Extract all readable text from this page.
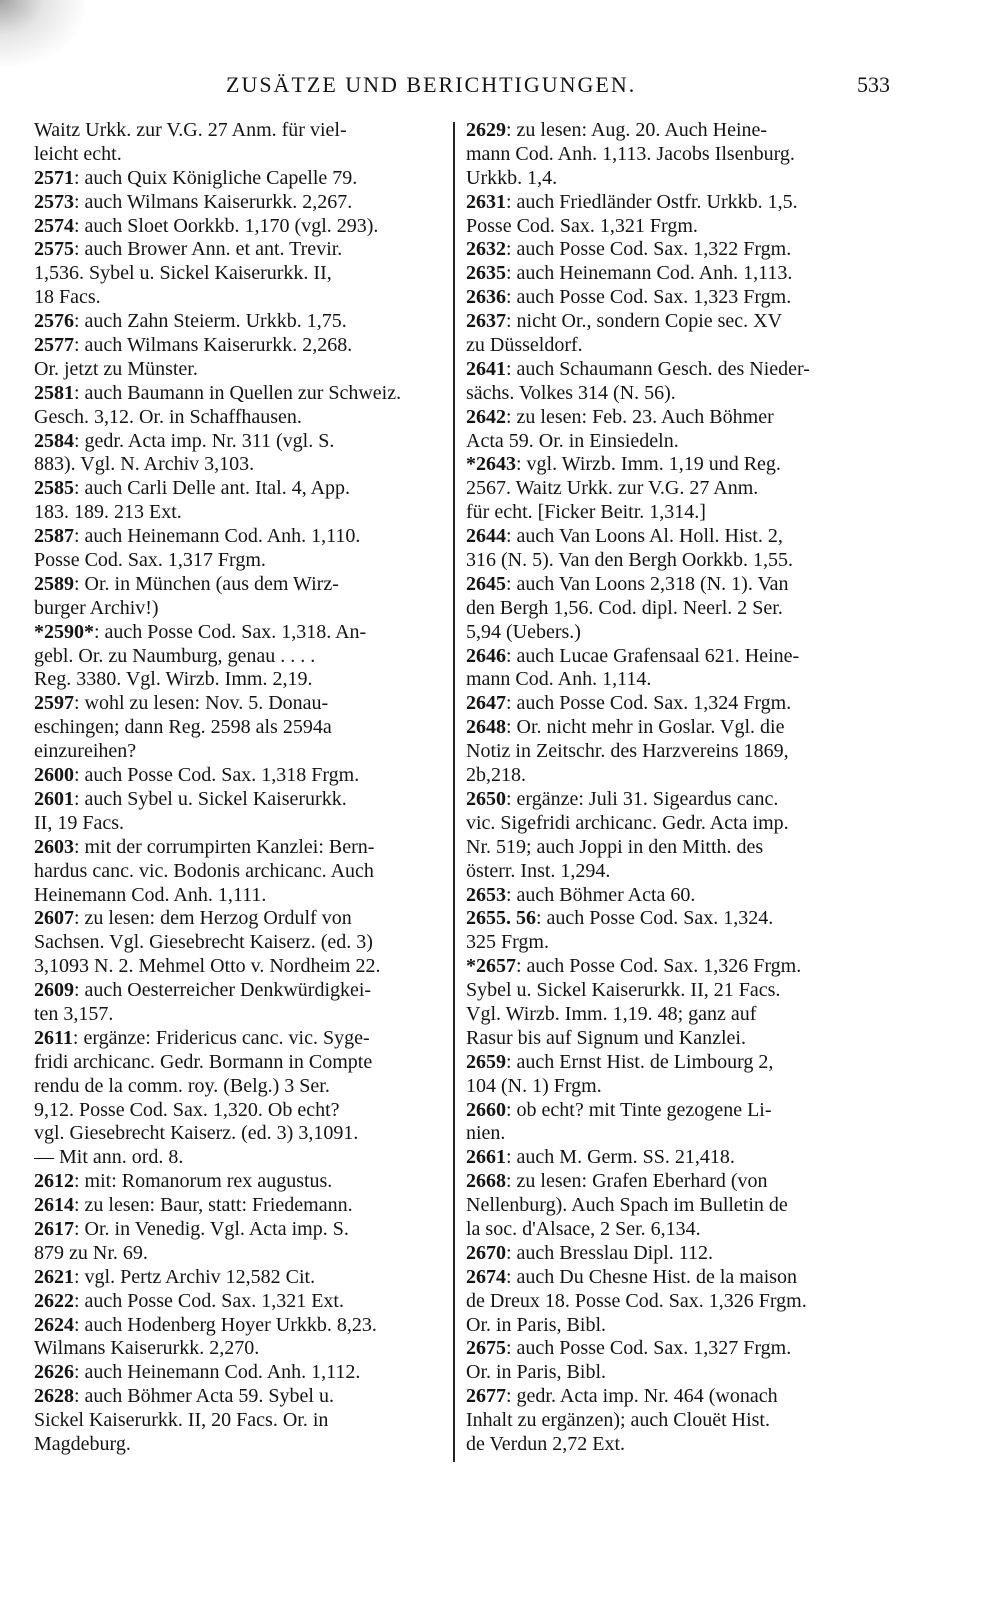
ZUSÄTZE UND BERICHTIGUNGEN.	533
Waitz Urkk. zur V.G. 27 Anm. für viel-
leicht echt.
2571: auch Quix Königliche Capelle 79.
2573: auch Wilmans Kaiserurkk. 2,267.
2574: auch Sloet Oorkkb. 1,170 (vgl. 293).
2575: auch Brower Ann. et ant. Trevir.
1,536. Sybel u. Sickel Kaiserurkk. II,
18 Facs.
2576: auch Zahn Steierm. Urkkb. 1,75.
2577: auch Wilmans Kaiserurkk. 2,268.
Or. jetzt zu Münster.
2581: auch Baumann in Quellen zur Schweiz.
Gesch. 3,12. Or. in Schaffhausen.
2584: gedr. Acta imp. Nr. 311 (vgl. S.
883). Vgl. N. Archiv 3,103.
2585: auch Carli Delle ant. Ital. 4, App.
183. 189. 213 Ext.
2587: auch Heinemann Cod. Anh. 1,110.
Posse Cod. Sax. 1,317 Frgm.
2589: Or. in München (aus dem Wirz-
burger Archiv!)
*2590*: auch Posse Cod. Sax. 1,318. An-
gebl. Or. zu Naumburg, genau . . . .
Reg. 3380. Vgl. Wirzb. Imm. 2,19.
2597: wohl zu lesen: Nov. 5. Donau-
eschingen; dann Reg. 2598 als 2594a
einzureihen?
2600: auch Posse Cod. Sax. 1,318 Frgm.
2601: auch Sybel u. Sickel Kaiserurkk.
II, 19 Facs.
2603: mit der corrumpirten Kanzlei: Bern-
hardus canc. vic. Bodonis archicanc. Auch
Heinemann Cod. Anh. 1,111.
2607: zu lesen: dem Herzog Ordulf von
Sachsen. Vgl. Giesebrecht Kaiserz. (ed. 3)
3,1093 N. 2. Mehmel Otto v. Nordheim 22.
2609: auch Oesterreicher Denkwürdigkei-
ten 3,157.
2611: ergänze: Fridericus canc. vic. Syge-
fridi archicanc. Gedr. Bormann in Compte
rendu de la comm. roy. (Belg.) 3 Ser.
9,12. Posse Cod. Sax. 1,320. Ob echt?
vgl. Giesebrecht Kaiserz. (ed. 3) 3,1091.
— Mit ann. ord. 8.
2612: mit: Romanorum rex augustus.
2614: zu lesen: Baur, statt: Friedemann.
2617: Or. in Venedig. Vgl. Acta imp. S.
879 zu Nr. 69.
2621: vgl. Pertz Archiv 12,582 Cit.
2622: auch Posse Cod. Sax. 1,321 Ext.
2624: auch Hodenberg Hoyer Urkkb. 8,23.
Wilmans Kaiserurkk. 2,270.
2626: auch Heinemann Cod. Anh. 1,112.
2628: auch Böhmer Acta 59. Sybel u.
Sickel Kaiserurkk. II, 20 Facs. Or. in
Magdeburg.
2629: zu lesen: Aug. 20. Auch Heine-
mann Cod. Anh. 1,113. Jacobs Ilsenburg.
Urkkb. 1,4.
2631: auch Friedländer Ostfr. Urkkb. 1,5.
Posse Cod. Sax. 1,321 Frgm.
2632: auch Posse Cod. Sax. 1,322 Frgm.
2635: auch Heinemann Cod. Anh. 1,113.
2636: auch Posse Cod. Sax. 1,323 Frgm.
2637: nicht Or., sondern Copie sec. XV
zu Düsseldorf.
2641: auch Schaumann Gesch. des Nieder-
sächs. Volkes 314 (N. 56).
2642: zu lesen: Feb. 23. Auch Böhmer
Acta 59. Or. in Einsiedeln.
*2643: vgl. Wirzb. Imm. 1,19 und Reg.
2567. Waitz Urkk. zur V.G. 27 Anm.
für echt. [Ficker Beitr. 1,314.]
2644: auch Van Loons Al. Holl. Hist. 2,
316 (N. 5). Van den Bergh Oorkkb. 1,55.
2645: auch Van Loons 2,318 (N. 1). Van
den Bergh 1,56. Cod. dipl. Neerl. 2 Ser.
5,94 (Uebers.)
2646: auch Lucae Grafensaal 621. Heine-
mann Cod. Anh. 1,114.
2647: auch Posse Cod. Sax. 1,324 Frgm.
2648: Or. nicht mehr in Goslar. Vgl. die
Notiz in Zeitschr. des Harzvereins 1869,
2b,218.
2650: ergänze: Juli 31. Sigeardus canc.
vic. Sigefridi archicanc. Gedr. Acta imp.
Nr. 519; auch Joppi in den Mitth. des
österr. Inst. 1,294.
2653: auch Böhmer Acta 60.
2655. 56: auch Posse Cod. Sax. 1,324.
325 Frgm.
*2657: auch Posse Cod. Sax. 1,326 Frgm.
Sybel u. Sickel Kaiserurkk. II, 21 Facs.
Vgl. Wirzb. Imm. 1,19. 48; ganz auf
Rasur bis auf Signum und Kanzlei.
2659: auch Ernst Hist. de Limbourg 2,
104 (N. 1) Frgm.
2660: ob echt? mit Tinte gezogene Li-
nien.
2661: auch M. Germ. SS. 21,418.
2668: zu lesen: Grafen Eberhard (von
Nellenburg). Auch Spach im Bulletin de
la soc. d'Alsace, 2 Ser. 6,134.
2670: auch Bresslau Dipl. 112.
2674: auch Du Chesne Hist. de la maison
de Dreux 18. Posse Cod. Sax. 1,326 Frgm.
Or. in Paris, Bibl.
2675: auch Posse Cod. Sax. 1,327 Frgm.
Or. in Paris, Bibl.
2677: gedr. Acta imp. Nr. 464 (wonach
Inhalt zu ergänzen); auch Clouët Hist.
de Verdun 2,72 Ext.
